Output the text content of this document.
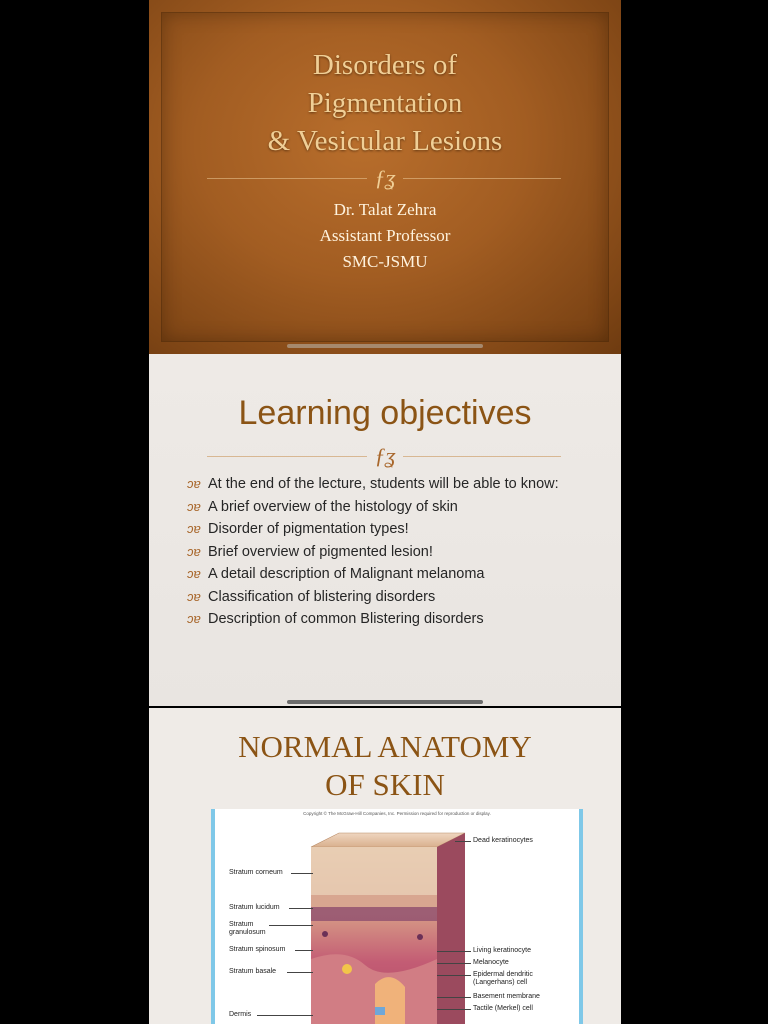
Disorders of
Pigmentation
& Vesicular Lesions
ƒʓ
Dr. Talat Zehra
Assistant Professor
SMC-JSMU
Learning objectives
ƒʓ
ɔɐ At the end of the lecture, students will be able to know:
ɔɐ A brief overview of the histology of skin
ɔɐ Disorder of pigmentation types!
ɔɐ Brief overview of pigmented lesion!
ɔɐ A detail description of Malignant melanoma
ɔɐ Classification of blistering disorders
ɔɐ Description of common Blistering disorders
NORMAL ANATOMY
OF SKIN
Copyright © The McGraw-Hill Companies, Inc. Permission required for reproduction or display.
Stratum corneum
Stratum lucidum
Stratum granulosum
Stratum spinosum
Stratum basale
Dermis
Dead keratinocytes
Living keratinocyte
Melanocyte
Epidermal dendritic (Langerhans) cell
Basement membrane
Tactile (Merkel) cell
